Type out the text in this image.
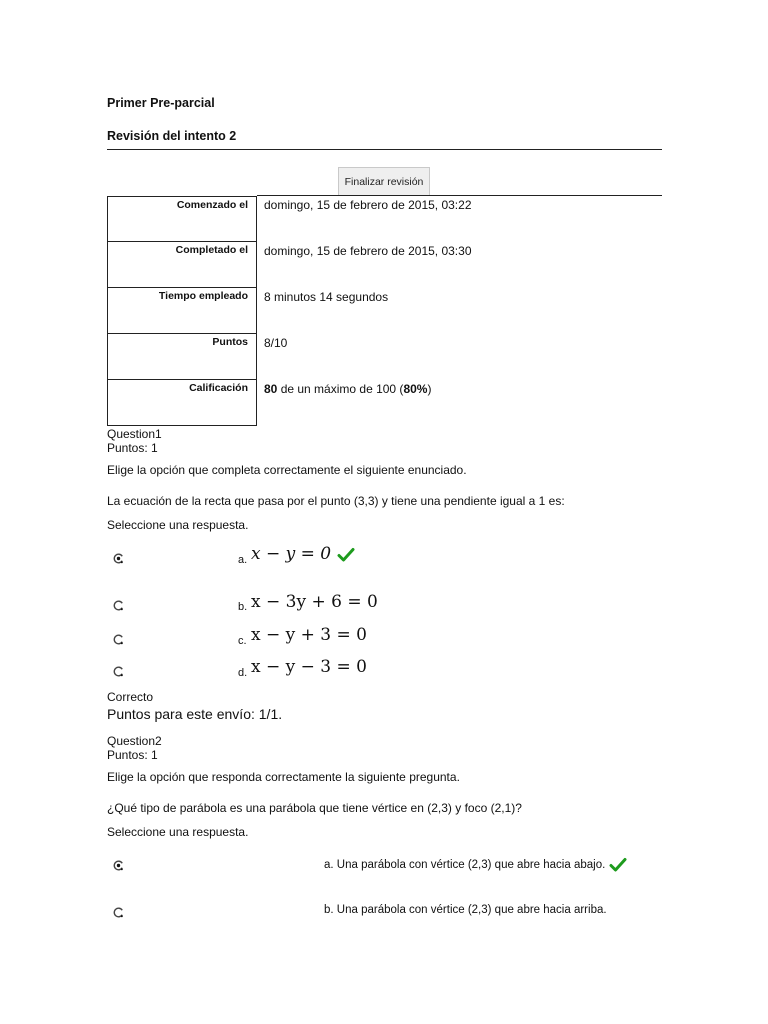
Primer Pre-parcial
Revisión del intento 2
Finalizar revisión
Comenzado el	domingo, 15 de febrero de 2015, 03:22
Completado el	domingo, 15 de febrero de 2015, 03:30
Tiempo empleado	8 minutos 14 segundos
Puntos	8/10
Calificación	80 de un máximo de 100 (80%)
Question1
Puntos: 1
Elige la opción que completa correctamente el siguiente enunciado.
La ecuación de la recta que pasa por el punto (3,3) y tiene una pendiente igual a 1 es:
Seleccione una respuesta.
a. x − y = 0
b. x − 3y + 6 = 0
c. x − y + 3 = 0
d. x − y − 3 = 0
Correcto
Puntos para este envío: 1/1.
Question2
Puntos: 1
Elige la opción que responda correctamente la siguiente pregunta.
¿Qué tipo de parábola es una parábola que tiene vértice en (2,3) y foco (2,1)?
Seleccione una respuesta.
a. Una parábola con vértice (2,3) que abre hacia abajo.
b. Una parábola con vértice (2,3) que abre hacia arriba.
